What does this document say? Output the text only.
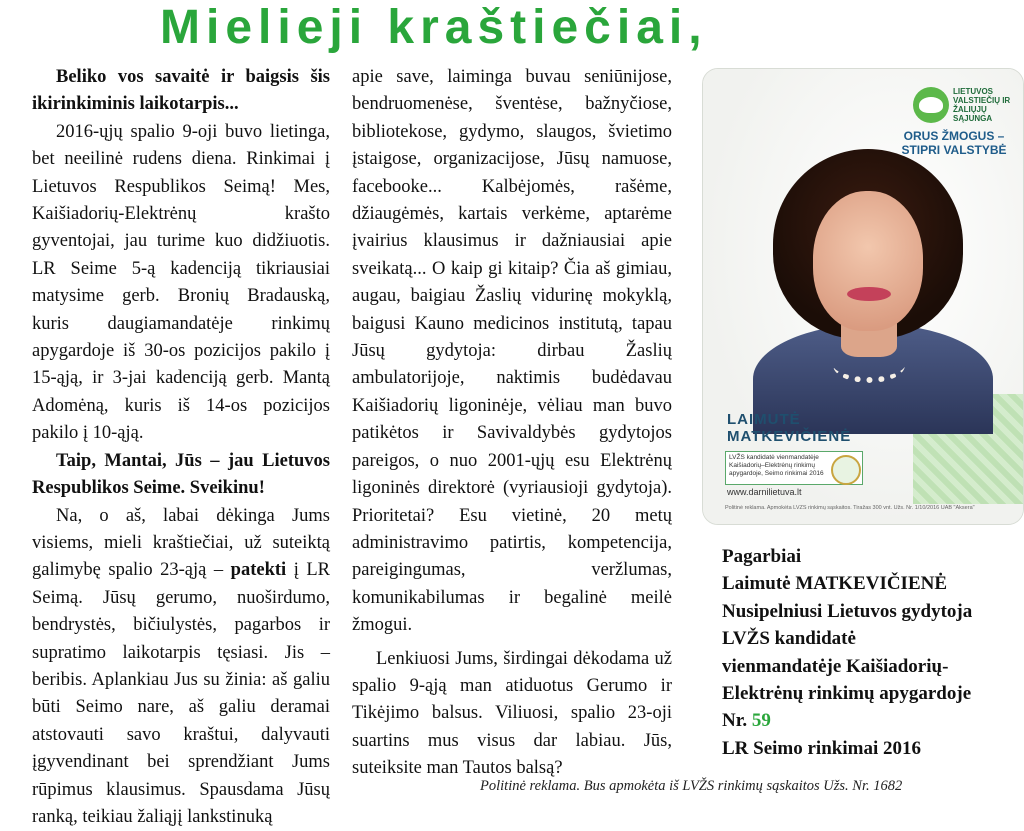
Mielieji kraštiečiai,

Beliko vos savaitė ir baigsis šis ikirinkiminis laikotarpis...

2016-ųjų spalio 9-oji buvo lietinga, bet neeilinė rudens diena. Rinkimai į Lietuvos Respublikos Seimą! Mes, Kaišiadorių-Elektrėnų krašto gyventojai, jau turime kuo didžiuotis. LR Seime 5-ą kadenciją tikriausiai matysime gerb. Bronių Bradauską, kuris daugiamandatėje rinkimų apygardoje iš 30-os pozicijos pakilo į 15-ąją, ir 3-jai kadenciją gerb. Mantą Adomėną, kuris iš 14-os pozicijos pakilo į 10-ąją.

Taip, Mantai, Jūs – jau Lietuvos Respublikos Seime. Sveikinu!

Na, o aš, labai dėkinga Jums visiems, mieli kraštiečiai, už suteiktą galimybę spalio 23-ąją – patekti į LR Seimą. Jūsų gerumo, nuoširdumo, bendrystės, bičiulystės, pagarbos ir supratimo laikotarpis tęsiasi. Jis – beribis. Aplankiau Jus su žinia: aš galiu būti Seimo nare, aš galiu deramai atstovauti savo kraštui, dalyvauti įgyvendinant bei sprendžiant Jums rūpimus klausimus. Spausdama Jūsų ranką, teikiau žaliąjį lankstinuką

apie save, laiminga buvau seniūnijose, bendruomenėse, šventėse, bažnyčiose, bibliotekose, gydymo, slaugos, švietimo įstaigose, organizacijose, Jūsų namuose, facebooke... Kalbėjomės, rašėme, džiaugėmės, kartais verkėme, aptarėme įvairius klausimus ir dažniausiai apie sveikatą... O kaip gi kitaip? Čia aš gimiau, augau, baigiau Žaslių vidurinę mokyklą, baigusi Kauno medicinos institutą, tapau Jūsų gydytoja: dirbau Žaslių ambulatorijoje, naktimis budėdavau Kaišiadorių ligoninėje, vėliau man buvo patikėtos ir Savivaldybės gydytojos pareigos, o nuo 2001-ųjų esu Elektrėnų ligoninės direktorė (vyriausioji gydytoja). Prioritetai? Esu vietinė, 20 metų administravimo patirtis, kompetencija, pareigingumas, veržlumas, komunikabilumas ir begalinė meilė žmogui.

Lenkiuosi Jums, širdingai dėkodama už spalio 9-ąją man atiduotus Gerumo ir Tikėjimo balsus. Viliuosi, spalio 23-oji suartins mus visus dar labiau. Jūs, suteiksite man Tautos balsą?

LIETUVOS VALSTIEČIŲ IR ŽALIŲJŲ SĄJUNGA
ORUS ŽMOGUS – STIPRI VALSTYBĖ
LAIMUTĖ
MATKEVIČIENĖ
LVŽS kandidatė vienmandatėje Kaišiadorių–Elektrėnų rinkimų apygardoje, Seimo rinkimai 2016
www.darnilietuva.lt
Politinė reklama. Apmokėta LVŽS rinkimų sąskaitos. Tiražas 300 vnt. Užs. Nr. 1/10/2016 UAB "Aksera"
Pagarbiai
Laimutė MATKEVIČIENĖ
Nusipelniusi Lietuvos gydytoja
LVŽS kandidatė
vienmandatėje Kaišiadorių-
Elektrėnų rinkimų apygardoje
Nr. 59
LR Seimo rinkimai 2016
Politinė reklama. Bus apmokėta iš LVŽS rinkimų sąskaitos Užs. Nr. 1682
